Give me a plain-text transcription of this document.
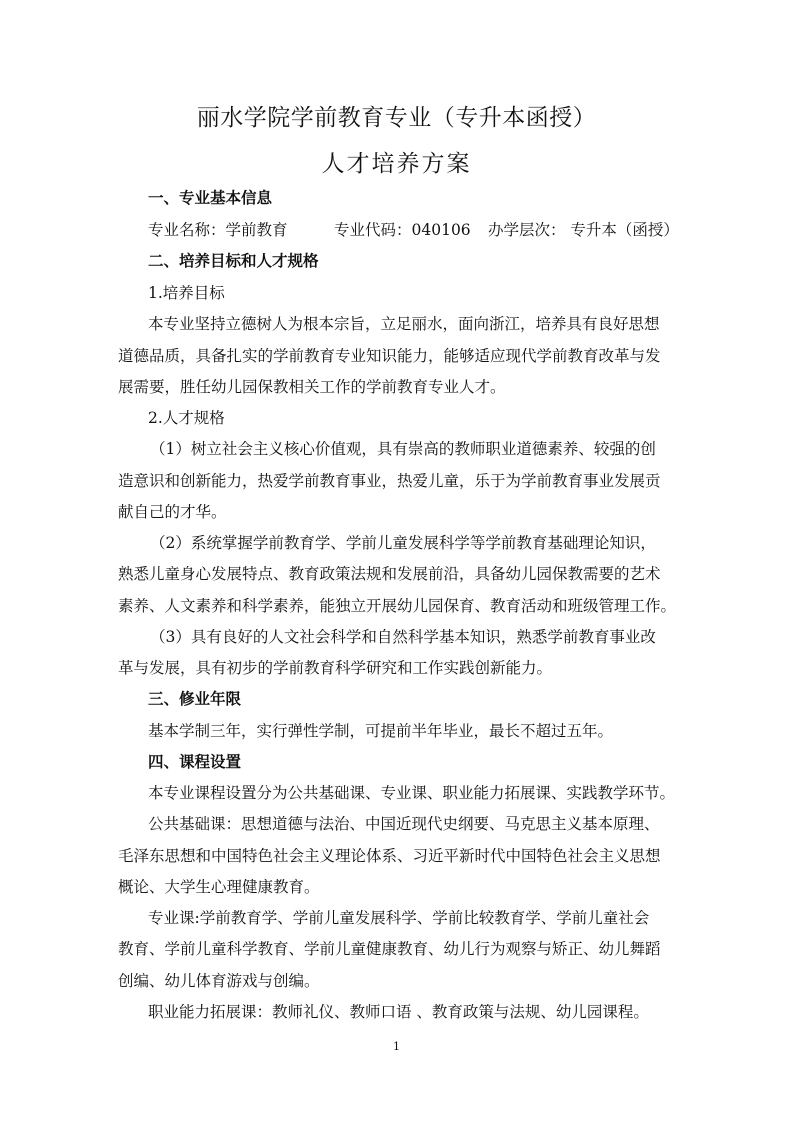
丽水学院学前教育专业（专升本函授）
人才培养方案
一、专业基本信息
专业名称：学前教育	专业代码：040106 办学层次： 专升本（函授）
二、培养目标和人才规格
1.培养目标
本专业坚持立德树人为根本宗旨，立足丽水，面向浙江，培养具有良好思想
道德品质，具备扎实的学前教育专业知识能力，能够适应现代学前教育改革与发
展需要，胜任幼儿园保教相关工作的学前教育专业人才。
2.人才规格
（1）树立社会主义核心价值观，具有崇高的教师职业道德素养、较强的创
造意识和创新能力，热爱学前教育事业，热爱儿童，乐于为学前教育事业发展贡
献自己的才华。
（2）系统掌握学前教育学、学前儿童发展科学等学前教育基础理论知识，
熟悉儿童身心发展特点、教育政策法规和发展前沿，具备幼儿园保教需要的艺术
素养、人文素养和科学素养，能独立开展幼儿园保育、教育活动和班级管理工作。
（3）具有良好的人文社会科学和自然科学基本知识，熟悉学前教育事业改
革与发展，具有初步的学前教育科学研究和工作实践创新能力。
三、修业年限
基本学制三年，实行弹性学制，可提前半年毕业，最长不超过五年。
四、课程设置
本专业课程设置分为公共基础课、专业课、职业能力拓展课、实践教学环节。
公共基础课：思想道德与法治、中国近现代史纲要、马克思主义基本原理、
毛泽东思想和中国特色社会主义理论体系、习近平新时代中国特色社会主义思想
概论、大学生心理健康教育。
专业课:学前教育学、学前儿童发展科学、学前比较教育学、学前儿童社会
教育、学前儿童科学教育、学前儿童健康教育、幼儿行为观察与矫正、幼儿舞蹈
创编、幼儿体育游戏与创编。
职业能力拓展课：教师礼仪、教师口语 、教育政策与法规、幼儿园课程。
1
